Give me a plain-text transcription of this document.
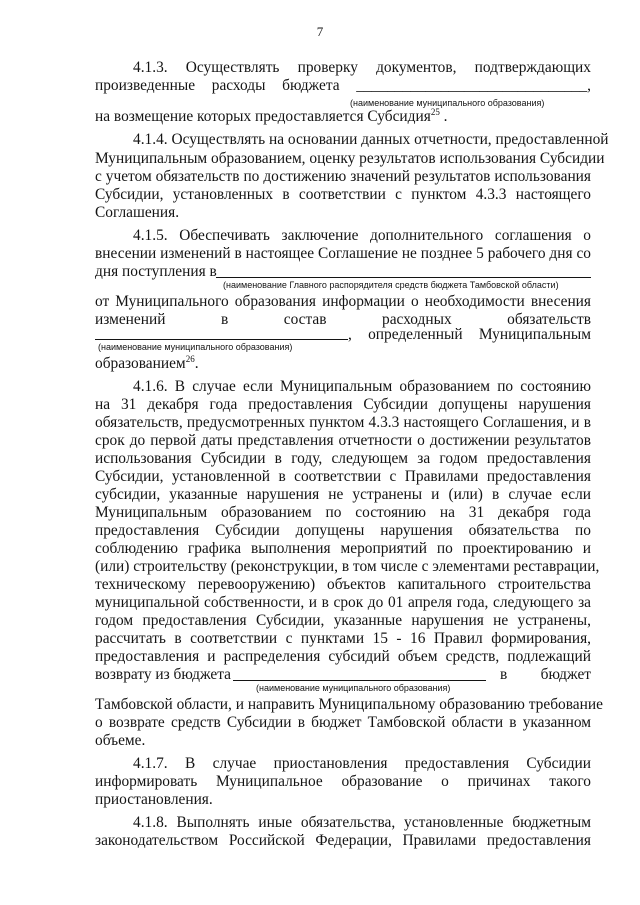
7
4.1.3. Осуществлять проверку документов, подтверждающих
произведенные расходы бюджета ______________________________,
(наименование муниципального образования)
на возмещение которых предоставляется Субсидия$^{25}$ .
4.1.4. Осуществлять на основании данных отчетности, предоставленной
Муниципальным образованием, оценку результатов использования Субсидии
с учетом обязательств по достижению значений результатов использования
Субсидии, установленных в соответствии с пунктом 4.3.3 настоящего
Соглашения.
4.1.5. Обеспечивать заключение дополнительного соглашения о
внесении изменений в настоящее Соглашение не позднее 5 рабочего дня со
дня поступления в
(наименование Главного распорядителя средств бюджета Тамбовской области)
от Муниципального образования информации о необходимости внесения
изменений в состав расходных обязательств
, определенный Муниципальным
(наименование муниципального образования)
образованием$^{26}$.
4.1.6. В случае если Муниципальным образованием по состоянию
на 31 декабря года предоставления Субсидии допущены нарушения
обязательств, предусмотренных пунктом 4.3.3 настоящего Соглашения, и в
срок до первой даты представления отчетности о достижении результатов
использования Субсидии в году, следующем за годом предоставления
Субсидии, установленной в соответствии с Правилами предоставления
субсидии, указанные нарушения не устранены и (или) в случае если
Муниципальным образованием по состоянию на 31 декабря года
предоставления Субсидии допущены нарушения обязательства по
соблюдению графика выполнения мероприятий по проектированию и
(или) строительству (реконструкции, в том числе с элементами реставрации,
техническому перевооружению) объектов капитального строительства
муниципальной собственности, и в срок до 01 апреля года, следующего за
годом предоставления Субсидии, указанные нарушения не устранены,
рассчитать в соответствии с пунктами 15 - 16 Правил формирования,
предоставления и распределения субсидий объем средств, подлежащий
возврату из бюджета	в бюджет
(наименование муниципального образования)
Тамбовской области, и направить Муниципальному образованию требование
о возврате средств Субсидии в бюджет Тамбовской области в указанном
объеме.
4.1.7. В случае приостановления предоставления Субсидии
информировать Муниципальное образование о причинах такого
приостановления.
4.1.8. Выполнять иные обязательства, установленные бюджетным
законодательством Российской Федерации, Правилами предоставления
